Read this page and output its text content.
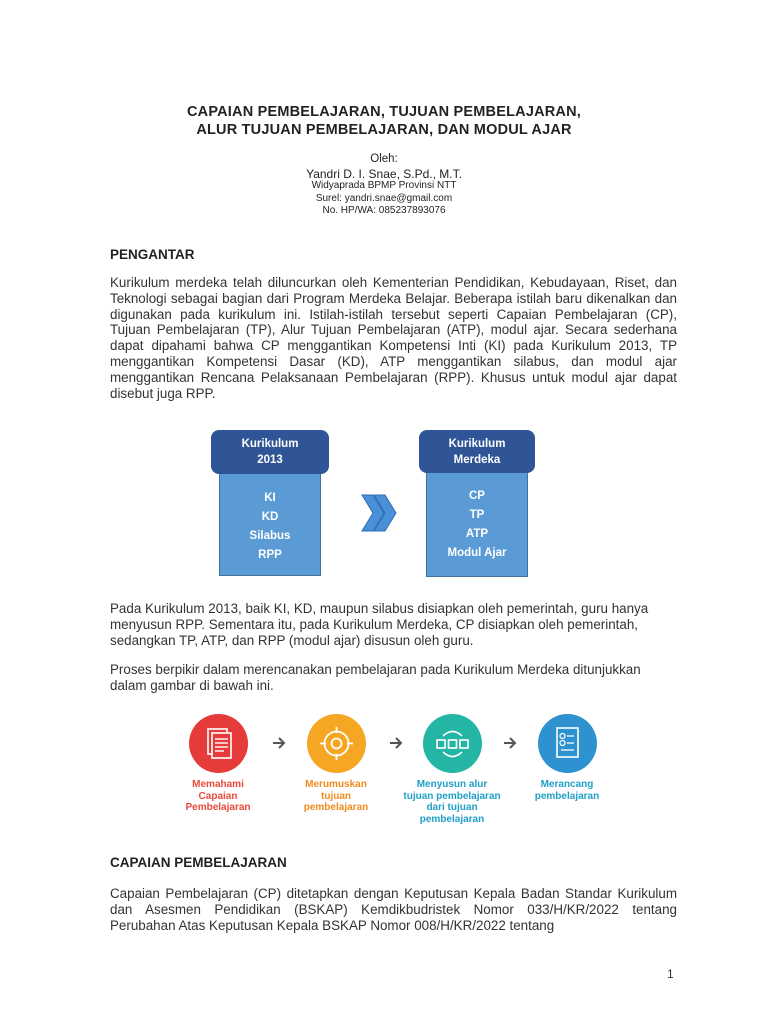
CAPAIAN PEMBELAJARAN, TUJUAN PEMBELAJARAN,
ALUR TUJUAN PEMBELAJARAN, DAN MODUL AJAR
Oleh:
Yandri D. I. Snae, S.Pd., M.T.
Widyaprada BPMP Provinsi NTT
Surel: yandri.snae@gmail.com
No. HP/WA: 085237893076
PENGANTAR

Kurikulum merdeka telah diluncurkan oleh Kementerian Pendidikan, Kebudayaan, Riset, dan Teknologi sebagai bagian dari Program Merdeka Belajar. Beberapa istilah baru dikenalkan dan digunakan pada kurikulum ini. Istilah-istilah tersebut seperti Capaian Pembelajaran (CP), Tujuan Pembelajaran (TP), Alur Tujuan Pembelajaran (ATP), modul ajar. Secara sederhana dapat dipahami bahwa CP menggantikan Kompetensi Inti (KI) pada Kurikulum 2013, TP menggantikan Kompetensi Dasar (KD), ATP menggantikan silabus, dan modul ajar menggantikan Rencana Pelaksanaan Pembelajaran (RPP). Khusus untuk modul ajar dapat disebut juga RPP.

KI
KD
Silabus
RPP
Kurikulum
2013
CP
TP
ATP
Modul Ajar
Kurikulum
Merdeka

Pada Kurikulum 2013, baik KI, KD, maupun silabus disiapkan oleh pemerintah, guru hanya menyusun RPP. Sementara itu, pada Kurikulum Merdeka, CP disiapkan oleh pemerintah, sedangkan TP, ATP, dan RPP (modul ajar) disusun oleh guru.

Proses berpikir dalam merencanakan pembelajaran pada Kurikulum Merdeka ditunjukkan dalam gambar di bawah ini.

Memahami
Capaian
Pembelajaran
Merumuskan
tujuan
pembelajaran
Menyusun alur
tujuan pembelajaran
dari tujuan
pembelajaran
Merancang
pembelajaran
CAPAIAN PEMBELAJARAN

Capaian Pembelajaran (CP) ditetapkan dengan Keputusan Kepala Badan Standar Kurikulum dan Asesmen Pendidikan (BSKAP) Kemdikbudristek Nomor 033/H/KR/2022 tentang Perubahan Atas Keputusan Kepala BSKAP Nomor 008/H/KR/2022 tentang

1
